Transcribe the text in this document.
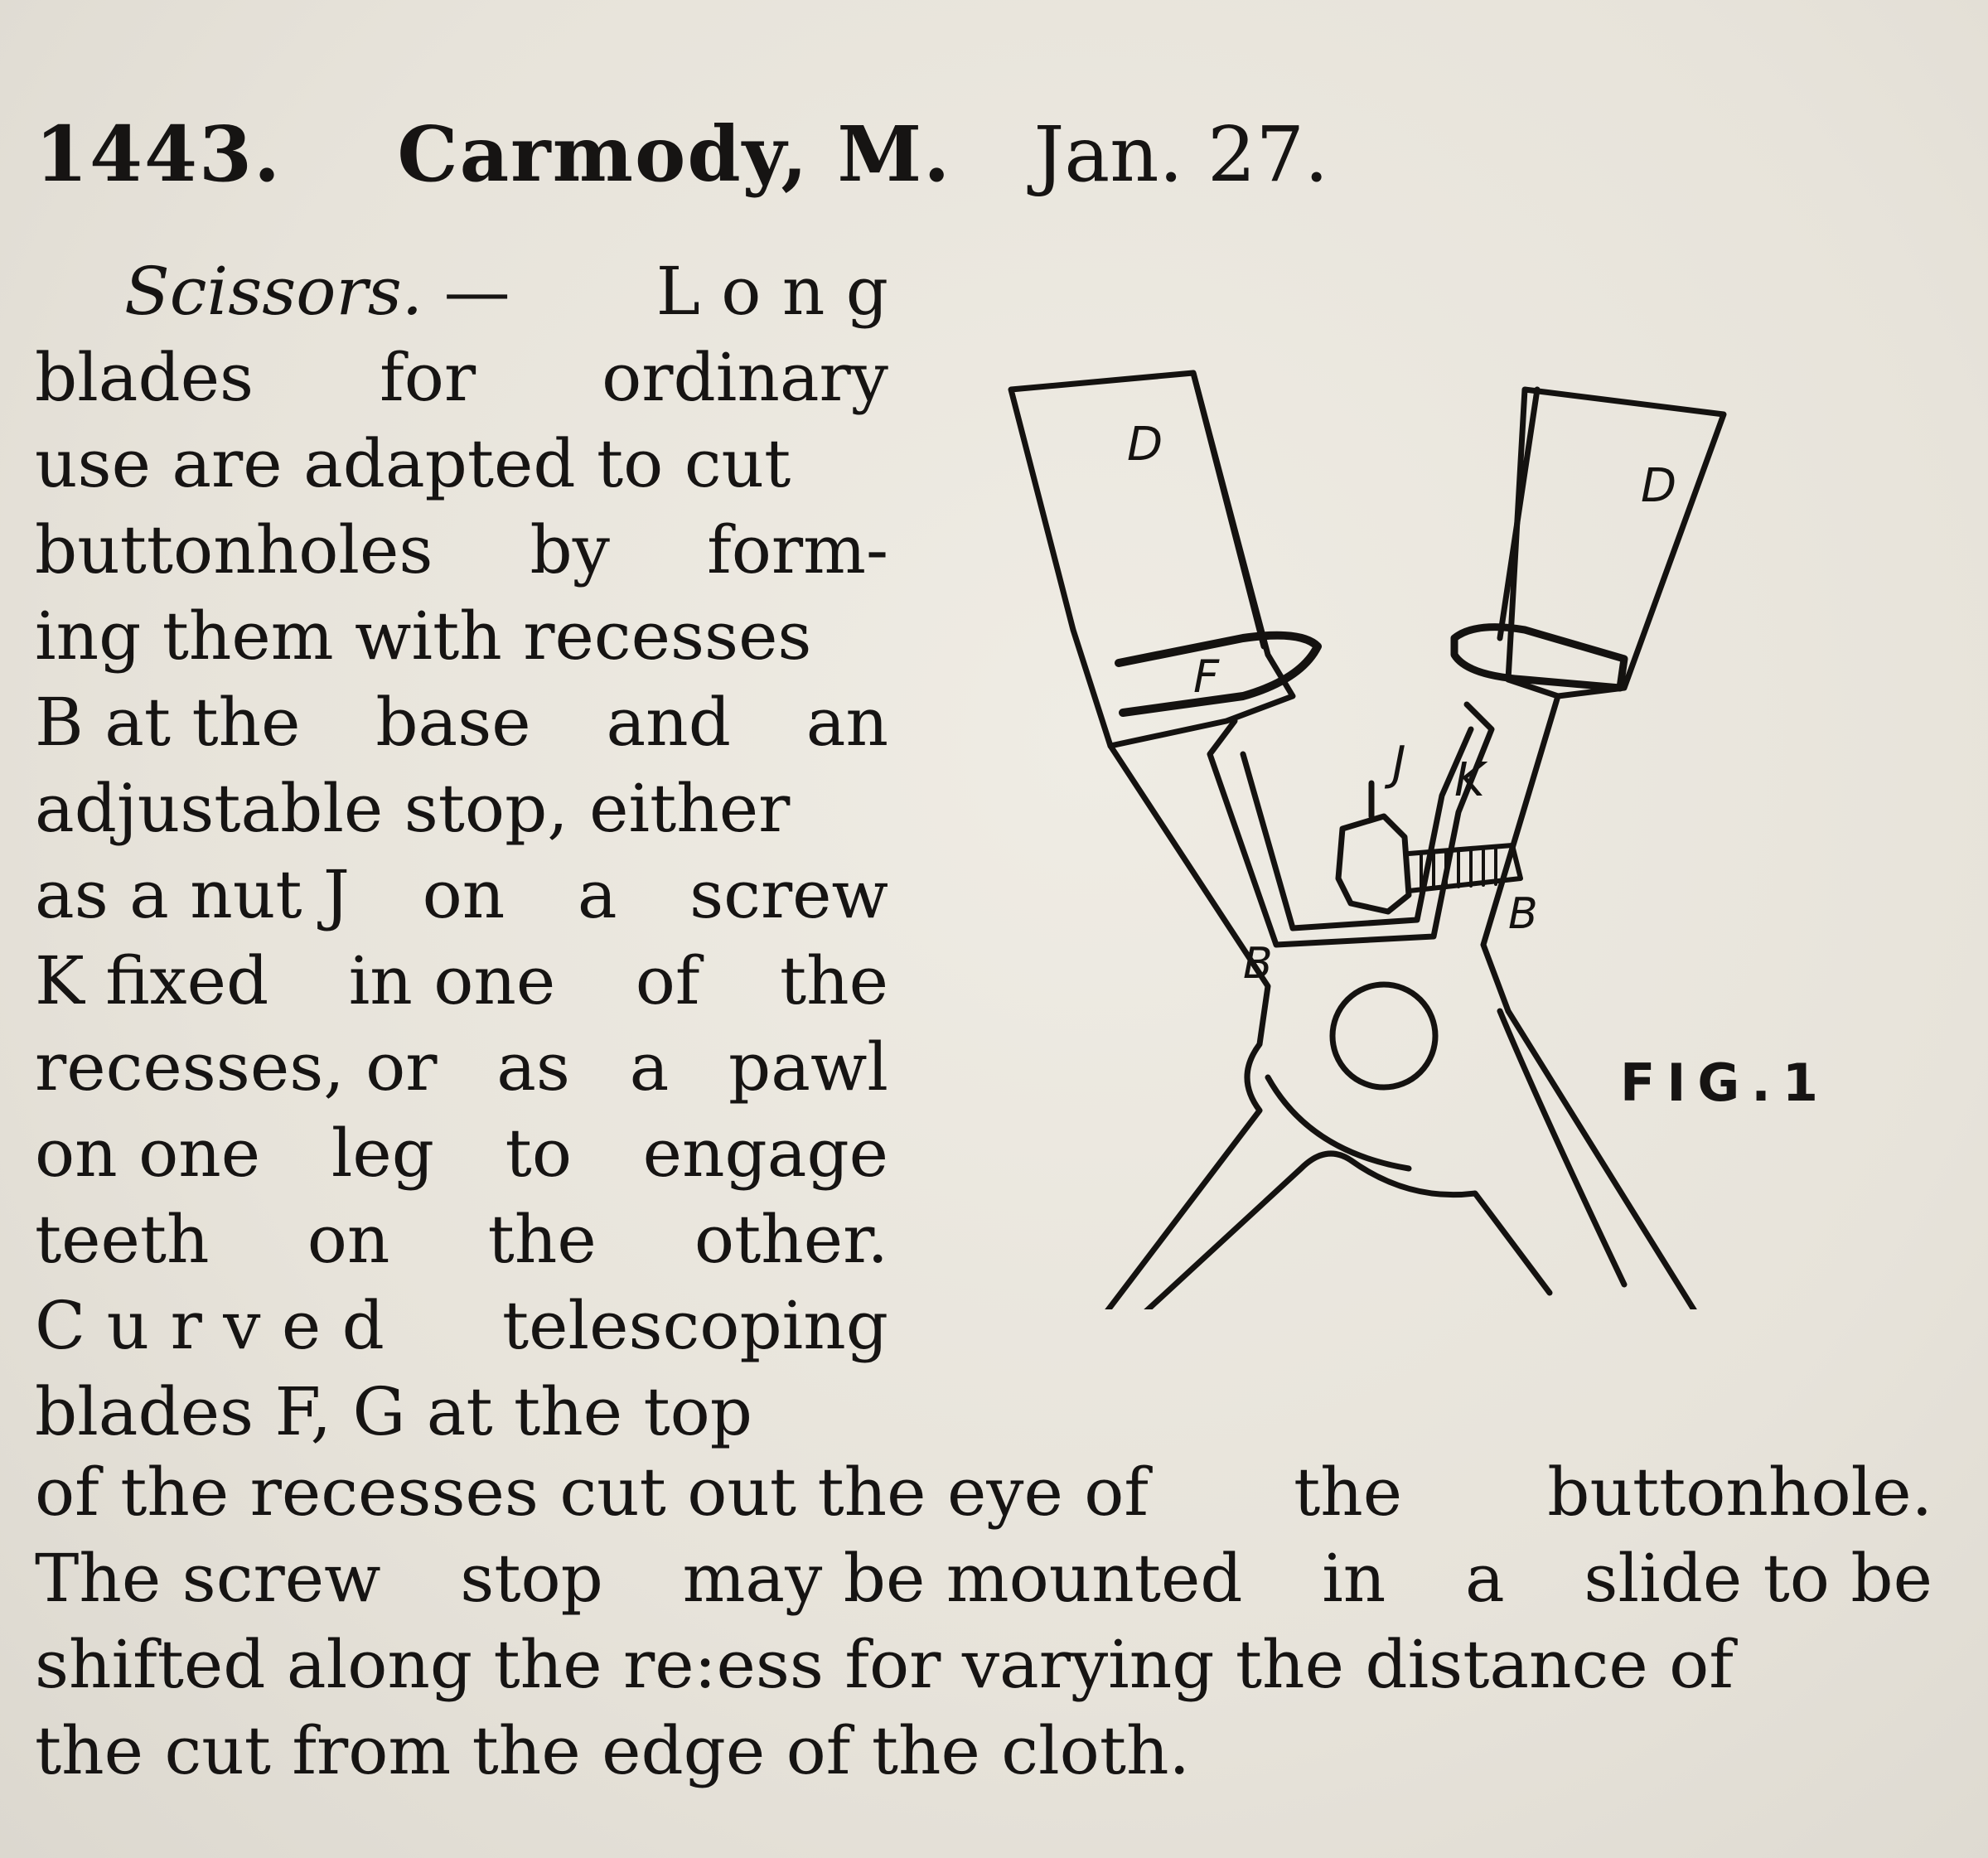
1443. Carmody, M. Jan. 27.
Scissors. — L o n g
blades for ordinary
use are adapted to cut
buttonholes by form-
ing them with recesses
B at the base and an
adjustable stop, either
as a nut J on a screw
K fixed in one of the
recesses, or as a pawl
on one leg to engage
teeth on the other.
C u r v e d telescoping
blades F, G at the top
of the recesses cut out the eye of the buttonhole.
The screw stop may be mounted in a slide to be
shifted along the re:ess for varying the distance of
the cut from the edge of the cloth.
D
D
F
J K
B
B
FIG.1
